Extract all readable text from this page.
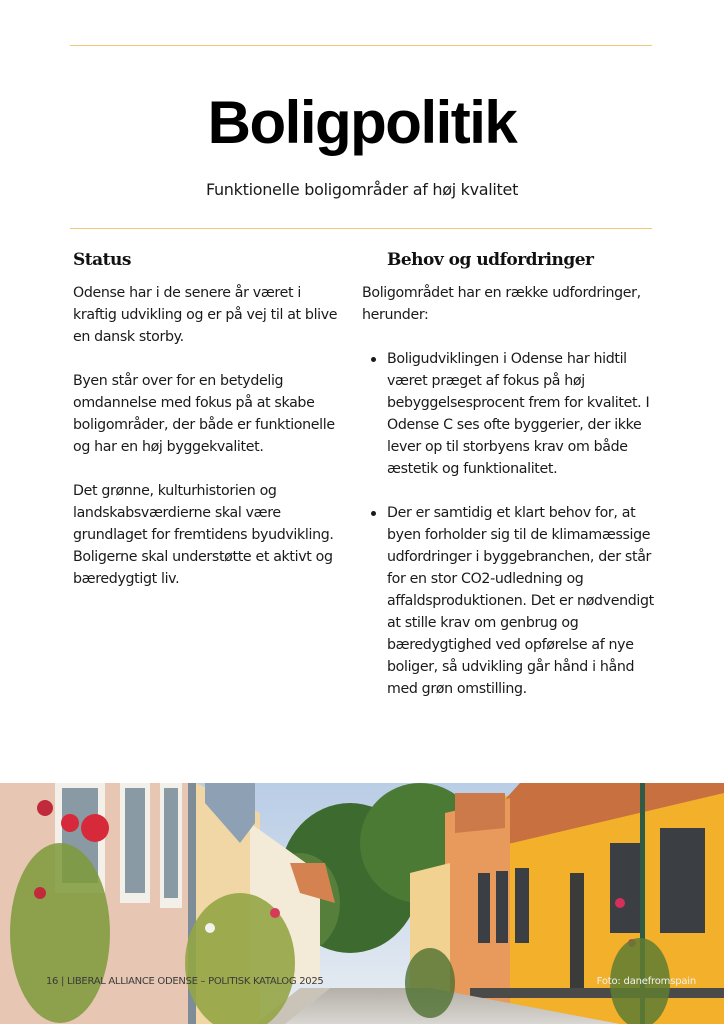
Boligpolitik
Funktionelle boligområder af høj kvalitet
Status

Odense har i de senere år været i kraftig udvikling og er på vej til at blive en dansk storby.

Byen står over for en betydelig omdannelse med fokus på at skabe boligområder, der både er funktionelle og har en høj byggekvalitet.

Det grønne, kulturhistorien og landskabsværdierne skal være grundlaget for fremtidens byudvikling. Boligerne skal understøtte et aktivt og bæredygtigt liv.

Behov og udfordringer

Boligområdet har en række udfordringer, herunder:

Boligudviklingen i Odense har hidtil været præget af fokus på høj bebyggelsesprocent frem for kvalitet. I Odense C ses ofte byggerier, der ikke lever op til storbyens krav om både æstetik og funktionalitet.
Der er samtidig et klart behov for, at byen forholder sig til de klimamæssige udfordringer i byggebranchen, der står for en stor CO2-udledning og affaldsproduktionen. Det er nødvendigt at stille krav om genbrug og bæredygtighed ved opførelse af nye boliger, så udvikling går hånd i hånd med grøn omstilling.
16 | LIBERAL ALLIANCE ODENSE – POLITISK KATALOG 2025	Foto: danefromspain
